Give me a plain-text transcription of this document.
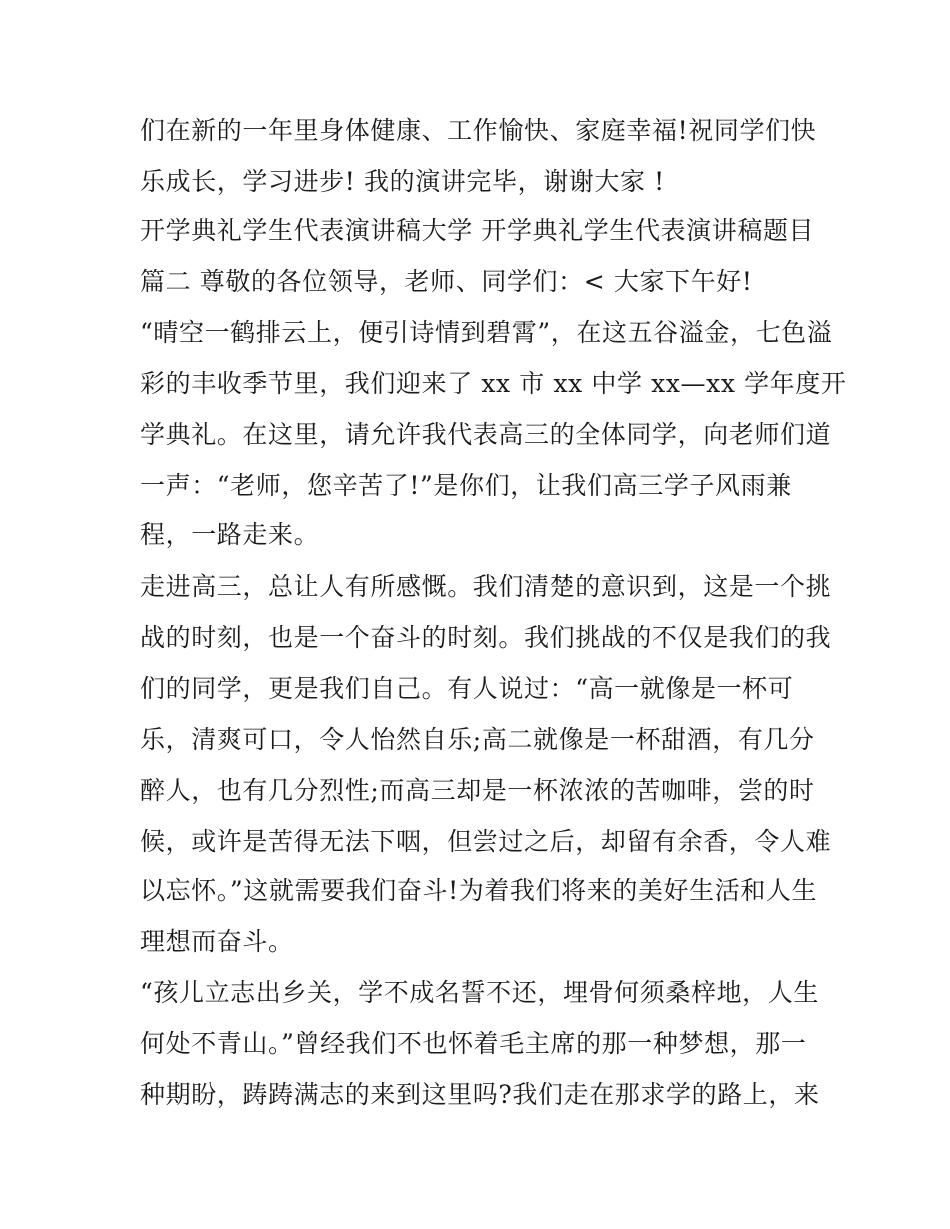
们在新的一年里身体健康、工作愉快、家庭幸福!祝同学们快
乐成长，学习进步! 我的演讲完毕，谢谢大家 !
开学典礼学生代表演讲稿大学 开学典礼学生代表演讲稿题目
篇二 尊敬的各位领导，老师、同学们：< 大家下午好!
“晴空一鹤排云上，便引诗情到碧霄”，在这五谷溢金，七色溢
彩的丰收季节里，我们迎来了 xx 市 xx 中学 xx—xx 学年度开
学典礼。在这里，请允许我代表高三的全体同学，向老师们道
一声：“老师，您辛苦了!”是你们，让我们高三学子风雨兼
程，一路走来。
走进高三，总让人有所感慨。我们清楚的意识到，这是一个挑
战的时刻，也是一个奋斗的时刻。我们挑战的不仅是我们的我
们的同学，更是我们自己。有人说过：“高一就像是一杯可
乐，清爽可口，令人怡然自乐;高二就像是一杯甜酒，有几分
醉人，也有几分烈性;而高三却是一杯浓浓的苦咖啡，尝的时
候，或许是苦得无法下咽，但尝过之后，却留有余香，令人难
以忘怀。”这就需要我们奋斗!为着我们将来的美好生活和人生
理想而奋斗。
“孩儿立志出乡关，学不成名誓不还，埋骨何须桑梓地，人生
何处不青山。”曾经我们不也怀着毛主席的那一种梦想，那一
种期盼，踌踌满志的来到这里吗?我们走在那求学的路上，来
